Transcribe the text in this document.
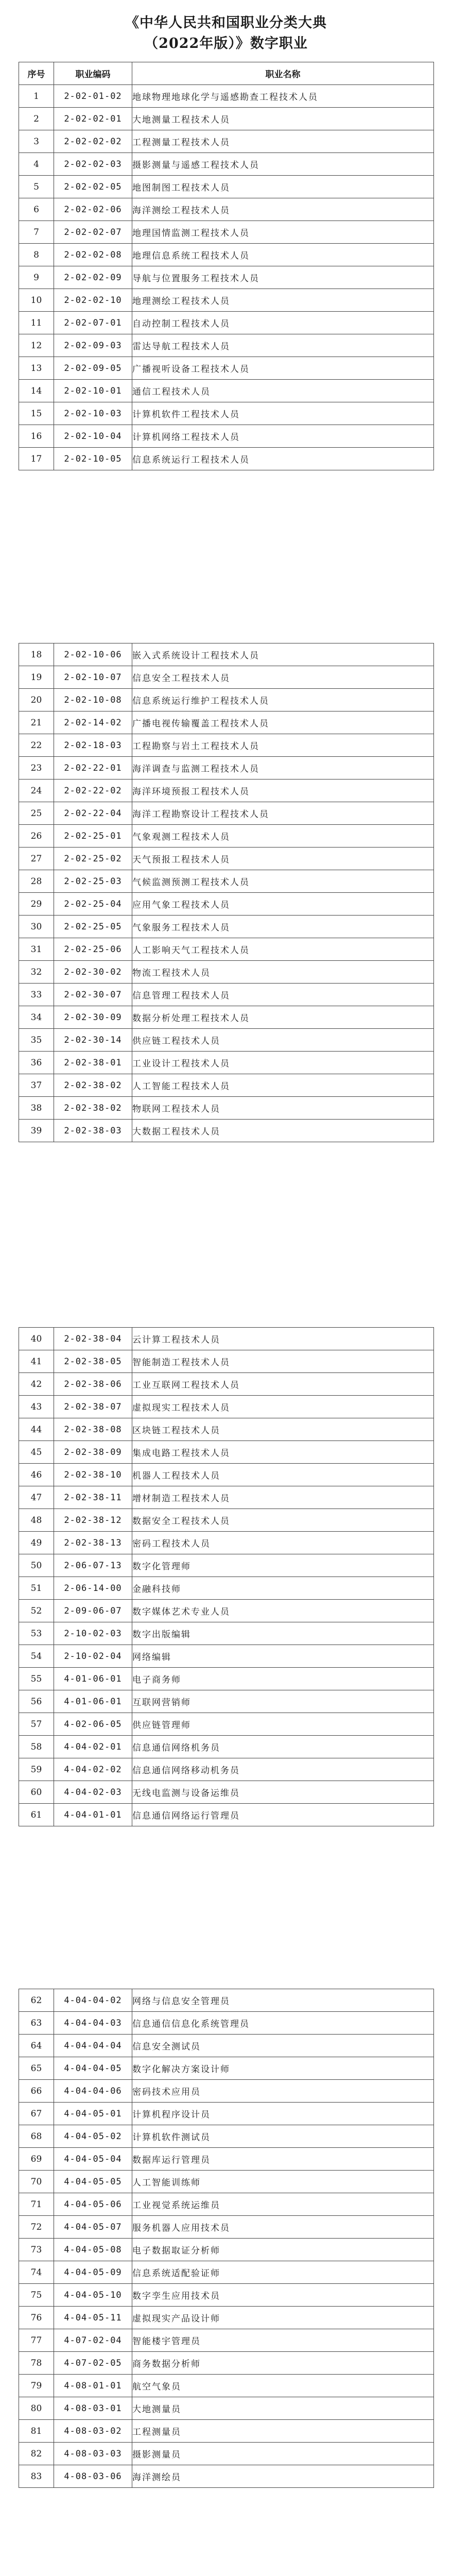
《中华人民共和国职业分类大典
（2022年版）》数字职业
序号	职业编码	职业名称
1	2-02-01-02	地球物理地球化学与遥感勘查工程技术人员
2	2-02-02-01	大地测量工程技术人员
3	2-02-02-02	工程测量工程技术人员
4	2-02-02-03	摄影测量与遥感工程技术人员
5	2-02-02-05	地图制图工程技术人员
6	2-02-02-06	海洋测绘工程技术人员
7	2-02-02-07	地理国情监测工程技术人员
8	2-02-02-08	地理信息系统工程技术人员
9	2-02-02-09	导航与位置服务工程技术人员
10	2-02-02-10	地理测绘工程技术人员
11	2-02-07-01	自动控制工程技术人员
12	2-02-09-03	雷达导航工程技术人员
13	2-02-09-05	广播视听设备工程技术人员
14	2-02-10-01	通信工程技术人员
15	2-02-10-03	计算机软件工程技术人员
16	2-02-10-04	计算机网络工程技术人员
17	2-02-10-05	信息系统运行工程技术人员
18	2-02-10-06	嵌入式系统设计工程技术人员
19	2-02-10-07	信息安全工程技术人员
20	2-02-10-08	信息系统运行维护工程技术人员
21	2-02-14-02	广播电视传输覆盖工程技术人员
22	2-02-18-03	工程勘察与岩土工程技术人员
23	2-02-22-01	海洋调查与监测工程技术人员
24	2-02-22-02	海洋环境预报工程技术人员
25	2-02-22-04	海洋工程勘察设计工程技术人员
26	2-02-25-01	气象观测工程技术人员
27	2-02-25-02	天气预报工程技术人员
28	2-02-25-03	气候监测预测工程技术人员
29	2-02-25-04	应用气象工程技术人员
30	2-02-25-05	气象服务工程技术人员
31	2-02-25-06	人工影响天气工程技术人员
32	2-02-30-02	物流工程技术人员
33	2-02-30-07	信息管理工程技术人员
34	2-02-30-09	数据分析处理工程技术人员
35	2-02-30-14	供应链工程技术人员
36	2-02-38-01	工业设计工程技术人员
37	2-02-38-02	人工智能工程技术人员
38	2-02-38-02	物联网工程技术人员
39	2-02-38-03	大数据工程技术人员
40	2-02-38-04	云计算工程技术人员
41	2-02-38-05	智能制造工程技术人员
42	2-02-38-06	工业互联网工程技术人员
43	2-02-38-07	虚拟现实工程技术人员
44	2-02-38-08	区块链工程技术人员
45	2-02-38-09	集成电路工程技术人员
46	2-02-38-10	机器人工程技术人员
47	2-02-38-11	增材制造工程技术人员
48	2-02-38-12	数据安全工程技术人员
49	2-02-38-13	密码工程技术人员
50	2-06-07-13	数字化管理师
51	2-06-14-00	金融科技师
52	2-09-06-07	数字媒体艺术专业人员
53	2-10-02-03	数字出版编辑
54	2-10-02-04	网络编辑
55	4-01-06-01	电子商务师
56	4-01-06-01	互联网营销师
57	4-02-06-05	供应链管理师
58	4-04-02-01	信息通信网络机务员
59	4-04-02-02	信息通信网络移动机务员
60	4-04-02-03	无线电监测与设备运维员
61	4-04-01-01	信息通信网络运行管理员
62	4-04-04-02	网络与信息安全管理员
63	4-04-04-03	信息通信信息化系统管理员
64	4-04-04-04	信息安全测试员
65	4-04-04-05	数字化解决方案设计师
66	4-04-04-06	密码技术应用员
67	4-04-05-01	计算机程序设计员
68	4-04-05-02	计算机软件测试员
69	4-04-05-04	数据库运行管理员
70	4-04-05-05	人工智能训练师
71	4-04-05-06	工业视觉系统运维员
72	4-04-05-07	服务机器人应用技术员
73	4-04-05-08	电子数据取证分析师
74	4-04-05-09	信息系统适配验证师
75	4-04-05-10	数字孪生应用技术员
76	4-04-05-11	虚拟现实产品设计师
77	4-07-02-04	智能楼宇管理员
78	4-07-02-05	商务数据分析师
79	4-08-01-01	航空气象员
80	4-08-03-01	大地测量员
81	4-08-03-02	工程测量员
82	4-08-03-03	摄影测量员
83	4-08-03-06	海洋测绘员
